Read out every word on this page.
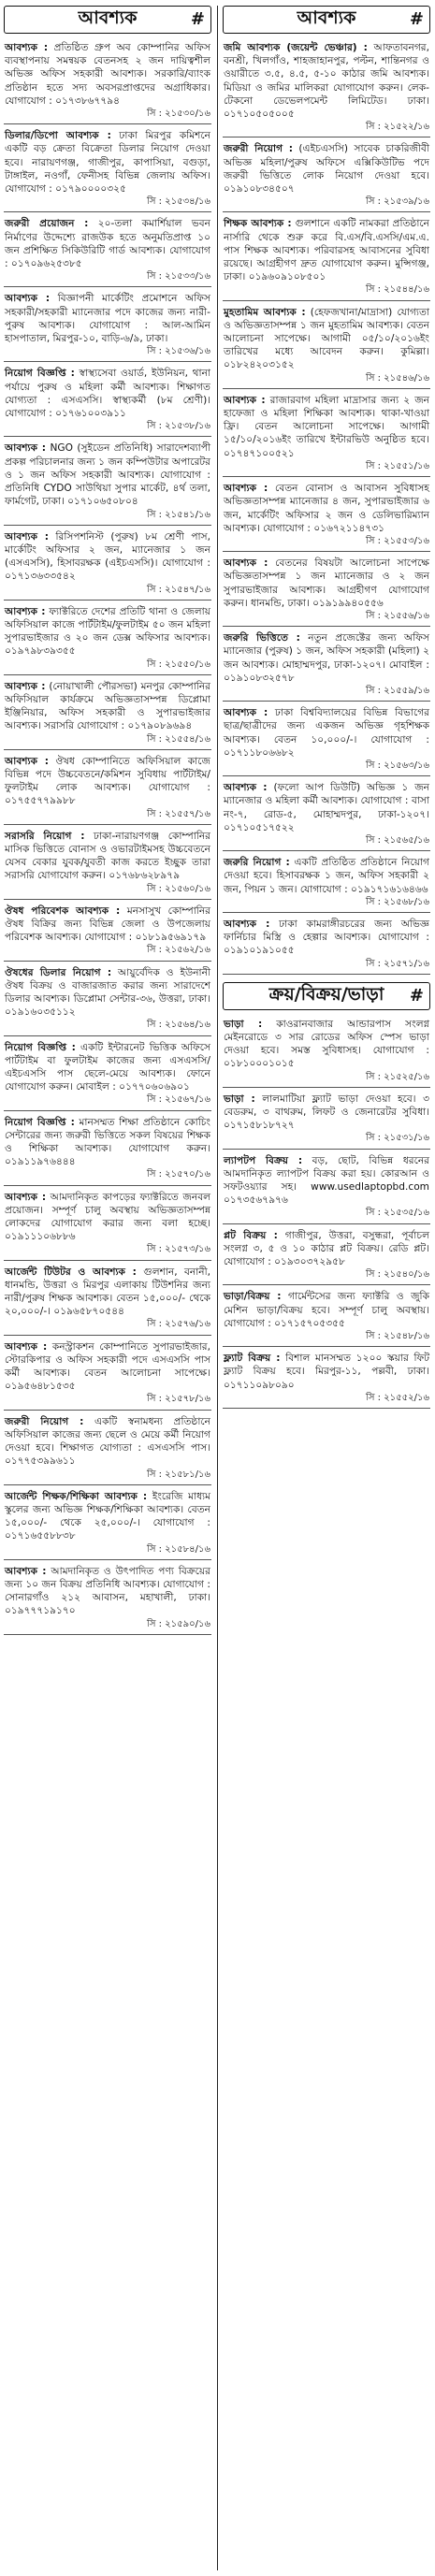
আবশ্যক	#
আবশ্যক : প্রতিষ্ঠিত গ্রুপ অব কোম্পানির অফিস ব্যবস্থাপনায় সমন্বয়ক বেতনসহ ২ জন দায়িত্বশীল অভিজ্ঞ অফিস সহকারী আবশ্যক। সরকারি/ব্যাংক প্রতিষ্ঠান হতে সদ্য অবসরপ্রাপ্তদের অগ্রাধিকার। যোগাযোগ : ০১৭৩৮৬৭৭৯৪
সি : ২১৫৩০/১৬
ডিলার/ডিপো আবশ্যক : ঢাকা মিরপুর কমিশনে একটি বড় ক্রেতা বিক্রেতা ডিলার নিয়োগ দেওয়া হবে। নারায়ণগঞ্জ, গাজীপুর, কাপাসিয়া, বগুড়া, টাঙ্গাইল, নওগাঁ, ফেনীসহ বিভিন্ন জেলায় অফিস। যোগাযোগ : ০১৭৯০০০০৩২৫
সি : ২১৫৩৪/১৬
জরুরী প্রয়োজন : ২০-তলা কমার্শিয়াল ভবন নির্মাণের উদ্দেশ্যে রাজউক হতে অনুমতিপ্রাপ্ত ১০ জন প্রশিক্ষিত সিকিউরিটি গার্ড আবশ্যক। যোগাযোগ : ০১৭০৯৬২৫৩৮৫
সি : ২১৫৩৩/১৬
আবশ্যক : বিজ্ঞাপনী মার্কেটিং প্রমোশনে অফিস সহকারী/সহকারী ম্যানেজার পদে কাজের জন্য নারী-পুরুষ আবশ্যক। যোগাযোগ : আল-আমিন হাসপাতাল, মিরপুর-১০, বাড়ি-৬/৯, ঢাকা।
সি : ২১৫৩৬/১৬
নিয়োগ বিজ্ঞপ্তি : স্বাস্থ্যসেবা ওয়ার্ড, ইউনিয়ন, থানা পর্যায়ে পুরুষ ও মহিলা কর্মী আবশ্যক। শিক্ষাগত যোগ্যতা : এসএসসি। স্বাস্থ্যকর্মী (৮ম শ্রেণী)। যোগাযোগ : ০১৭৬১০০৩৯১১
সি : ২১৫৩৮/১৬
আবশ্যক : NGO (সুইডেন প্রতিনিধি) সারাদেশব্যাপী প্রকল্প পরিচালনার জন্য ১ জন কম্পিউটার অপারেটর ও ১ জন অফিস সহকারী আবশ্যক। যোগাযোগ : প্রতিনিধি CYDO সাউথিয়া সুপার মার্কেট, ৪র্থ তলা, ফার্মগেট, ঢাকা। ০১৭১০৬৫০৮০৪
সি : ২১৫৪১/১৬
আবশ্যক : রিসিপশনিস্ট (পুরুষ) ৮ম শ্রেণী পাস, মার্কেটিং অফিসার ২ জন, ম্যানেজার ১ জন (এসএসসি), হিসাবরক্ষক (এইচএসসি)। যোগাযোগ : ০১৭১৩৬৩৩৫৪২
সি : ২১৫৪৭/১৬
আবশ্যক : ফ্যাক্টরিতে দেশের প্রতিটি থানা ও জেলায় অফিসিয়াল কাজে পার্টটাইম/ফুলটাইম ৫০ জন মহিলা সুপারভাইজার ও ২০ জন ডেক্স অফিসার আবশ্যক। ০১৯৭৯৮৩৯৩৫৫
সি : ২১৫৫০/১৬
আবশ্যক : (নোয়াখালী পৌরসভা) মনপুর কোম্পানির অফিসিয়াল কার্যক্রমে অভিজ্ঞতাসম্পন্ন ডিপ্লোমা ইঞ্জিনিয়ার, অফিস সহকারী ও সুপারভাইজার আবশ্যক। সরাসরি যোগাযোগ : ০১৭৯০৮৯৬৯৪
সি : ২১৫৫৪/১৬
আবশ্যক : ঔষধ কোম্পানিতে অফিসিয়াল কাজে বিভিন্ন পদে উচ্চবেতনে/কমিশন সুবিধায় পার্টটাইম/ফুলটাইম লোক আবশ্যক। যোগাযোগ : ০১৭৫৫৭৭৯৯৮৮
সি : ২১৫৫৭/১৬
সরাসরি নিয়োগ : ঢাকা-নারায়ণগঞ্জ কোম্পানির মাসিক ভিত্তিতে বোনাস ও ওভারটাইমসহ উচ্চবেতনে যেসব বেকার যুবক/যুবতী কাজ করতে ইচ্ছুক তারা সরাসরি যোগাযোগ করুন। ০১৭৬৮৬২৮৯৭৯
সি : ২১৫৬০/১৬
ঔষধ পরিবেশক আবশ্যক : মনসাসুখ কোম্পানির ঔষধ বিক্রির জন্য বিভিন্ন জেলা ও উপজেলায় পরিবেশক আবশ্যক। যোগাযোগ : ০১৮১৯৫৬৯১৭৯
সি : ২১৫৬২/১৬
ঔষধের ডিলার নিয়োগ : আয়ুর্বেদিক ও ইউনানী ঔষধ বিক্রয় ও বাজারজাত করার জন্য সারাদেশে ডিলার আবশ্যক। ডিপ্লোমা সেন্টার-৩৬, উত্তরা, ঢাকা। ০১৯১৬০৩৫১১২
সি : ২১৫৬৪/১৬
নিয়োগ বিজ্ঞপ্তি : একটি ইন্টারনেট ভিত্তিক অফিসে পার্টটাইম বা ফুলটাইম কাজের জন্য এসএসসি/এইচএসসি পাস ছেলে-মেয়ে আবশ্যক। ফোনে যোগাযোগ করুন। মোবাইল : ০১৭৭০৬০৬৯০১
সি : ২১৫৬৭/১৬
নিয়োগ বিজ্ঞপ্তি : মানসম্মত শিক্ষা প্রতিষ্ঠানে কোচিং সেন্টারের জন্য জরুরী ভিত্তিতে সকল বিষয়ের শিক্ষক ও শিক্ষিকা আবশ্যক। যোগাযোগ করুন। ০১৯১১৯৭৬৪৪৪
সি : ২১৫৭০/১৬
আবশ্যক : আমদানিকৃত কাপড়ের ফ্যাক্টরিতে জনবল প্রয়োজন। সম্পূর্ণ চালু অবস্থায় অভিজ্ঞতাসম্পন্ন লোকদের যোগাযোগ করার জন্য বলা হচ্ছে। ০১৯১১১০৬৮৮৬
সি : ২১৫৭৩/১৬
আর্জেন্ট টিউটর ও আবশ্যক : গুলশান, বনানী, ধানমন্ডি, উত্তরা ও মিরপুর এলাকায় টিউশনির জন্য নারী/পুরুষ শিক্ষক আবশ্যক। বেতন ১৫,০০০/- থেকে ২০,০০০/-। ০১৯৬৫৮৭০৫৪৪
সি : ২১৫৭৬/১৬
আবশ্যক : কনস্ট্রাকশন কোম্পানিতে সুপারভাইজার, স্টোরকিপার ও অফিস সহকারী পদে এসএসসি পাস কর্মী আবশ্যক। বেতন আলোচনা সাপেক্ষে। ০১৯৫৬৪৮১৫৩৫
সি : ২১৫৭৮/১৬
জরুরী নিয়োগ : একটি স্বনামধন্য প্রতিষ্ঠানে অফিসিয়াল কাজের জন্য ছেলে ও মেয়ে কর্মী নিয়োগ দেওয়া হবে। শিক্ষাগত যোগ্যতা : এসএসসি পাস। ০১৭৭৫৩৯৯৬১১
সি : ২১৫৮১/১৬
আর্জেন্ট শিক্ষক/শিক্ষিকা আবশ্যক : ইংরেজি মাধ্যম স্কুলের জন্য অভিজ্ঞ শিক্ষক/শিক্ষিকা আবশ্যক। বেতন ১৫,০০০/- থেকে ২৫,০০০/-। যোগাযোগ : ০১৭১৬৫৫৮৮৩৮
সি : ২১৫৮৪/১৬
আবশ্যক : আমদানিকৃত ও উৎপাদিত পণ্য বিক্রয়ের জন্য ১০ জন বিক্রয় প্রতিনিধি আবশ্যক। যোগাযোগ : সোনারগাঁও ২১২ আবাসন, মহাখালী, ঢাকা। ০১৯৭৭৭১৯১৭০
সি : ২১৫৯০/১৬
আবশ্যক	#
জমি আবশ্যক (জয়েন্ট ভেঞ্চার) : আফতাবনগর, বনশ্রী, খিলগাঁও, শাহজাহানপুর, পল্টন, শান্তিনগর ও ওয়ারীতে ৩.৫, ৪.৫, ৫-১০ কাঠার জমি আবশ্যক। মিডিয়া ও জমির মালিকরা যোগাযোগ করুন। লেক-টেকনো ডেভেলপমেন্ট লিমিটেড। ঢাকা। ০১৭১০৫০৫০০৫
সি : ২১৫২২/১৬
জরুরী নিয়োগ : (এইচএসসি) সাবেক চাকরিজীবী অভিজ্ঞ মহিলা/পুরুষ অফিসে এক্সিকিউটিভ পদে জরুরী ভিত্তিতে লোক নিয়োগ দেওয়া হবে। ০১৯১০৮৩৪৫০৭
সি : ২১৫৩৯/১৬
শিক্ষক আবশ্যক : গুলশানে একটি নামকরা প্রতিষ্ঠানে নার্সারি থেকে শুরু করে বি.এস/বি.এসসি/এম.এ. পাস শিক্ষক আবশ্যক। পরিবারসহ আবাসনের সুবিধা রয়েছে। আগ্রহীগণ দ্রুত যোগাযোগ করুন। মুন্সিগঞ্জ, ঢাকা। ০১৯৬০৯১০৮৫০১
সি : ২১৫৪৪/১৬
মুহতামিম আবশ্যক : (হেফজখানা/মাদ্রাসা) যোগ্যতা ও অভিজ্ঞতাসম্পন্ন ১ জন মুহতামিম আবশ্যক। বেতন আলোচনা সাপেক্ষে। আগামী ০৫/১০/২০১৬ইং তারিখের মধ্যে আবেদন করুন। কুমিল্লা। ০১৮২৪২০৩১৫২
সি : ২১৫৪৬/১৬
আবশ্যক : রাজারবাগ মহিলা মাদ্রাসার জন্য ২ জন হাফেজা ও মহিলা শিক্ষিকা আবশ্যক। থাকা-খাওয়া ফ্রি। বেতন আলোচনা সাপেক্ষে। আগামী ১৫/১০/২০১৬ইং তারিখে ইন্টারভিউ অনুষ্ঠিত হবে। ০১৭৪৭১০০৫২১
সি : ২১৫৫১/১৬
আবশ্যক : বেতন বোনাস ও আবাসন সুবিধাসহ অভিজ্ঞতাসম্পন্ন ম্যানেজার ৪ জন, সুপারভাইজার ৬ জন, মার্কেটিং অফিসার ২ জন ও ডেলিভারিম্যান আবশ্যক। যোগাযোগ : ০১৬৭২১১৪৭৩১
সি : ২১৫৫৩/১৬
আবশ্যক : বেতনের বিষয়টা আলোচনা সাপেক্ষে অভিজ্ঞতাসম্পন্ন ১ জন ম্যানেজার ও ২ জন সুপারভাইজার আবশ্যক। আগ্রহীগণ যোগাযোগ করুন। ধানমন্ডি, ঢাকা। ০১৯১৯৯৪০৫৫৬
সি : ২১৫৫৬/১৬
জরুরি ভিত্তিতে : নতুন প্রজেক্টের জন্য অফিস ম্যানেজার (পুরুষ) ১ জন, অফিস সহকারী (মহিলা) ২ জন আবশ্যক। মোহাম্মদপুর, ঢাকা-১২০৭। মোবাইল : ০১৯১০৮৩২৫৭৮
সি : ২১৫৫৯/১৬
আবশ্যক : ঢাকা বিশ্ববিদ্যালয়ের বিভিন্ন বিভাগের ছাত্র/ছাত্রীদের জন্য একজন অভিজ্ঞ গৃহশিক্ষক আবশ্যক। বেতন ১০,০০০/-। যোগাযোগ : ০১৭১১৮০৬৬৮২
সি : ২১৫৬৩/১৬
আবশ্যক : (ফলো আপ ডিউটি) অভিজ্ঞ ১ জন ম্যানেজার ও মহিলা কর্মী আবশ্যক। যোগাযোগ : বাসা নং-৭, রোড-৫, মোহাম্মদপুর, ঢাকা-১২০৭। ০১৭১০৫১৭৫২২
সি : ২১৫৬৫/১৬
জরুরি নিয়োগ : একটি প্রতিষ্ঠিত প্রতিষ্ঠানে নিয়োগ দেওয়া হবে। হিসাবরক্ষক ১ জন, অফিস সহকারী ২ জন, পিয়ন ১ জন। যোগাযোগ : ০১৯১৭১৬১৬৪৬৬
সি : ২১৫৬৮/১৬
আবশ্যক : ঢাকা কামরাঙ্গীরচরের জন্য অভিজ্ঞ ফার্নিচার মিস্ত্রি ও হেল্পার আবশ্যক। যোগাযোগ : ০১৯১০১৯১০৫৫
সি : ২১৫৭১/১৬
ক্রয়/বিক্রয়/ভাড়া #
ভাড়া : কাওরানবাজার আন্ডারপাস সংলগ্ন মেইনরোডে ৩ সার রোডের অফিস স্পেস ভাড়া দেওয়া হবে। সমস্ত সুবিধাসহ। যোগাযোগ : ০১৮১০০০১০১৫
সি : ২১৫২৫/১৬
ভাড়া : লালমাটিয়া ফ্ল্যাট ভাড়া দেওয়া হবে। ৩ বেডরুম, ৩ বাথরুম, লিফট ও জেনারেটর সুবিধা। ০১৭১৫৮১৮৭২৭
সি : ২১৫৩১/১৬
ল্যাপটপ বিক্রয় : বড়, ছোট, বিভিন্ন ধরনের আমদানিকৃত ল্যাপটপ বিক্রয় করা হয়। কোরআন ও সফটওয়্যার সহ। www.usedlaptopbd.com ০১৭৩৫৬৭৯৭৬
সি : ২১৫৩৫/১৬
প্লট বিক্রয় : গাজীপুর, উত্তরা, বসুন্ধরা, পূর্বাচল সংলগ্ন ৩, ৫ ও ১০ কাঠার প্লট বিক্রয়। রেডি প্লট। যোগাযোগ : ০১৯৩০৩৭২৯৫৮
সি : ২১৫৪০/১৬
ভাড়া/বিক্রয় : গার্মেন্টসের জন্য ফ্যাক্টরি ও জুকি মেশিন ভাড়া/বিক্রয় হবে। সম্পূর্ণ চালু অবস্থায়। যোগাযোগ : ০১৭১৫৭০৫৩৫৫
সি : ২১৫৪৮/১৬
ফ্ল্যাট বিক্রয় : বিশাল মানসম্মত ১২০০ স্কয়ার ফিট ফ্ল্যাট বিক্রয় হবে। মিরপুর-১১, পল্লবী, ঢাকা। ০১৭১১০৯৮০৯০
সি : ২১৫৫২/১৬
